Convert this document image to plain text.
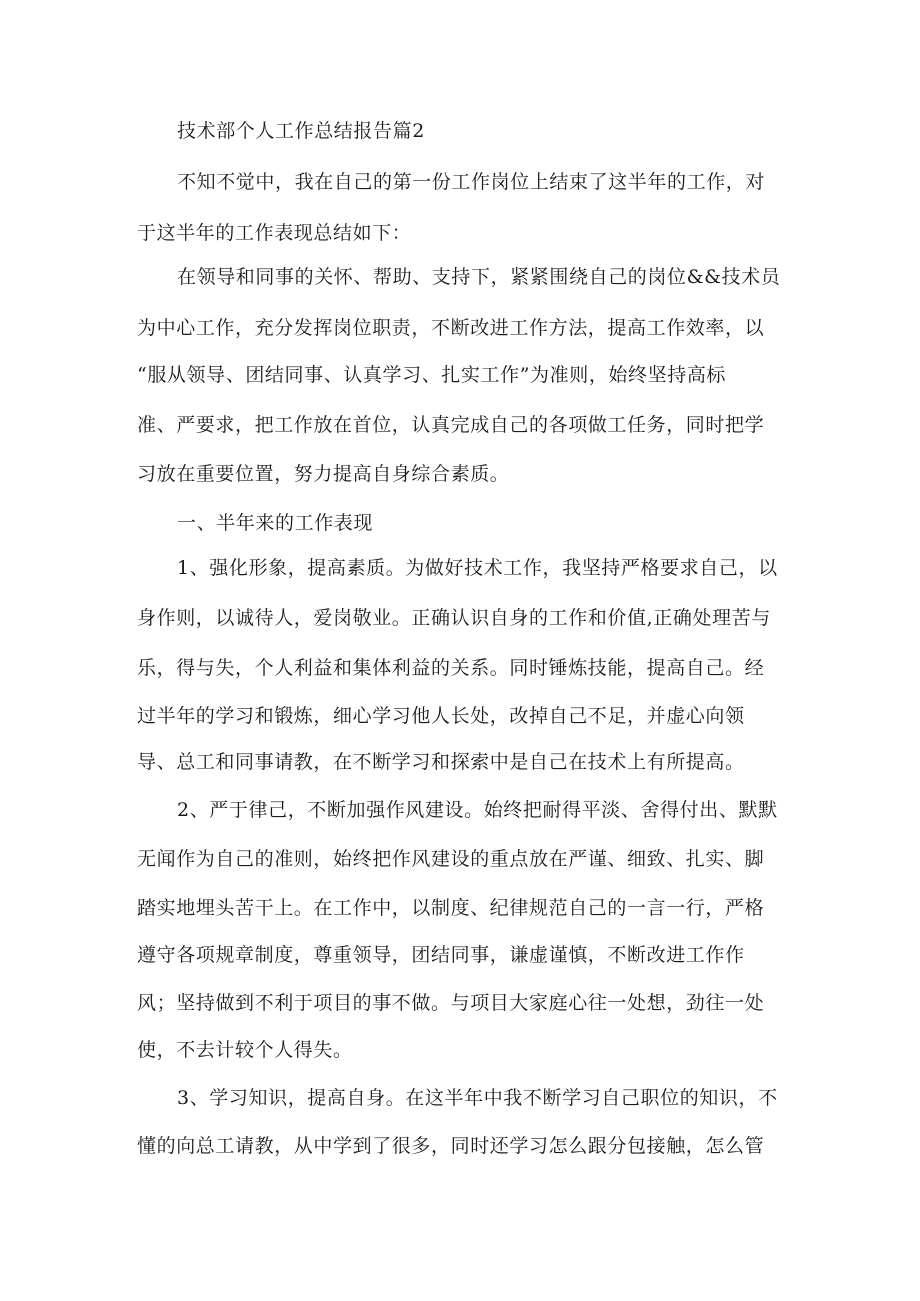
技术部个人工作总结报告篇2

不知不觉中，我在自己的第一份工作岗位上结束了这半年的工作，对

于这半年的工作表现总结如下：

在领导和同事的关怀、帮助、支持下，紧紧围绕自己的岗位&&技术员

为中心工作，充分发挥岗位职责，不断改进工作方法，提高工作效率，以

“服从领导、团结同事、认真学习、扎实工作”为准则，始终坚持高标

准、严要求，把工作放在首位，认真完成自己的各项做工任务，同时把学

习放在重要位置，努力提高自身综合素质。

一、半年来的工作表现

1、强化形象，提高素质。为做好技术工作，我坚持严格要求自己，以

身作则，以诚待人，爱岗敬业。正确认识自身的工作和价值,正确处理苦与

乐，得与失，个人利益和集体利益的关系。同时锤炼技能，提高自己。经

过半年的学习和锻炼，细心学习他人长处，改掉自己不足，并虚心向领

导、总工和同事请教，在不断学习和探索中是自己在技术上有所提高。

2、严于律己，不断加强作风建设。始终把耐得平淡、舍得付出、默默

无闻作为自己的准则，始终把作风建设的重点放在严谨、细致、扎实、脚

踏实地埋头苦干上。在工作中，以制度、纪律规范自己的一言一行，严格

遵守各项规章制度，尊重领导，团结同事，谦虚谨慎，不断改进工作作

风；坚持做到不利于项目的事不做。与项目大家庭心往一处想，劲往一处

使，不去计较个人得失。

3、学习知识，提高自身。在这半年中我不断学习自己职位的知识，不

懂的向总工请教，从中学到了很多，同时还学习怎么跟分包接触，怎么管
